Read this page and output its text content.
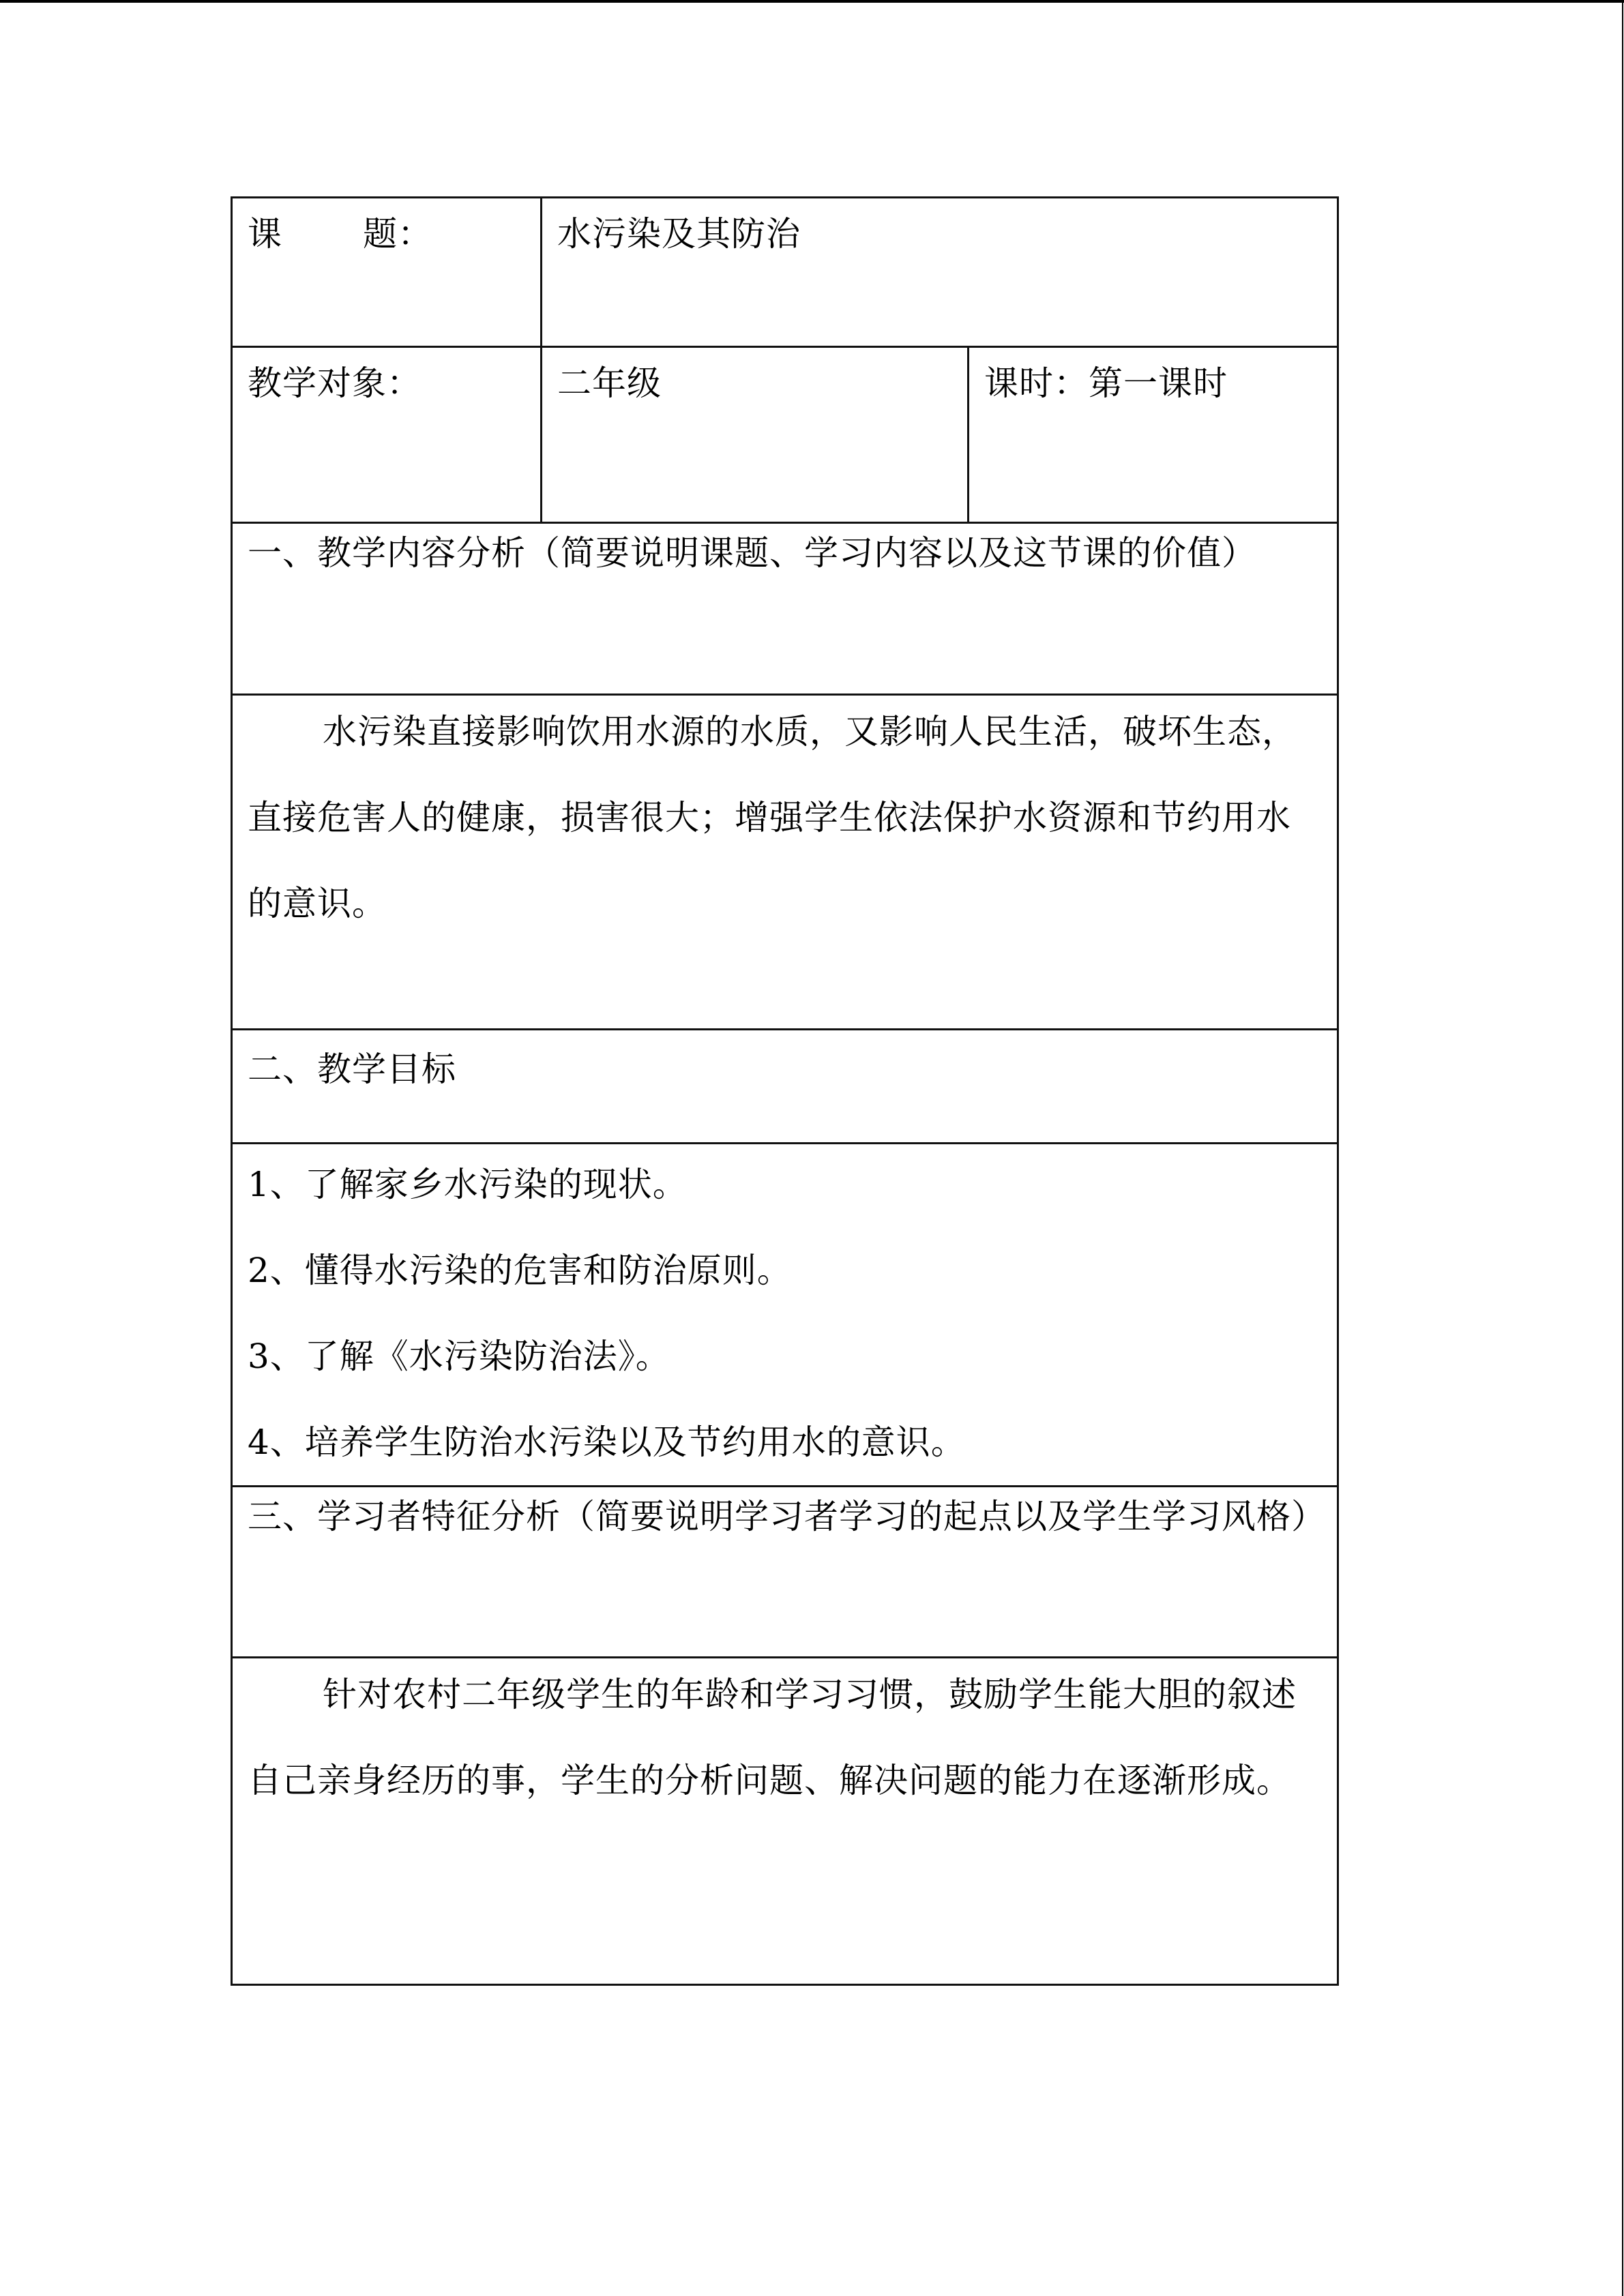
课 题：	水污染及其防治	

教学对象：	二年级	课时：第一课时

一、教学内容分析（简要说明课题、学习内容以及这节课的价值）		

水污染直接影响饮用水源的水质，又影响人民生活，破坏生态，直接危害人的健康，损害很大；增强学生依法保护水资源和节约用水的意识。		

二、教学目标		

1、了解家乡水污染的现状。
2、懂得水污染的危害和防治原则。
3、了解《水污染防治法》。
4、培养学生防治水污染以及节约用水的意识。

三、学习者特征分析（简要说明学习者学习的起点以及学生学习风格）		

针对农村二年级学生的年龄和学习习惯，鼓励学生能大胆的叙述自己亲身经历的事，学生的分析问题、解决问题的能力在逐渐形成。		
